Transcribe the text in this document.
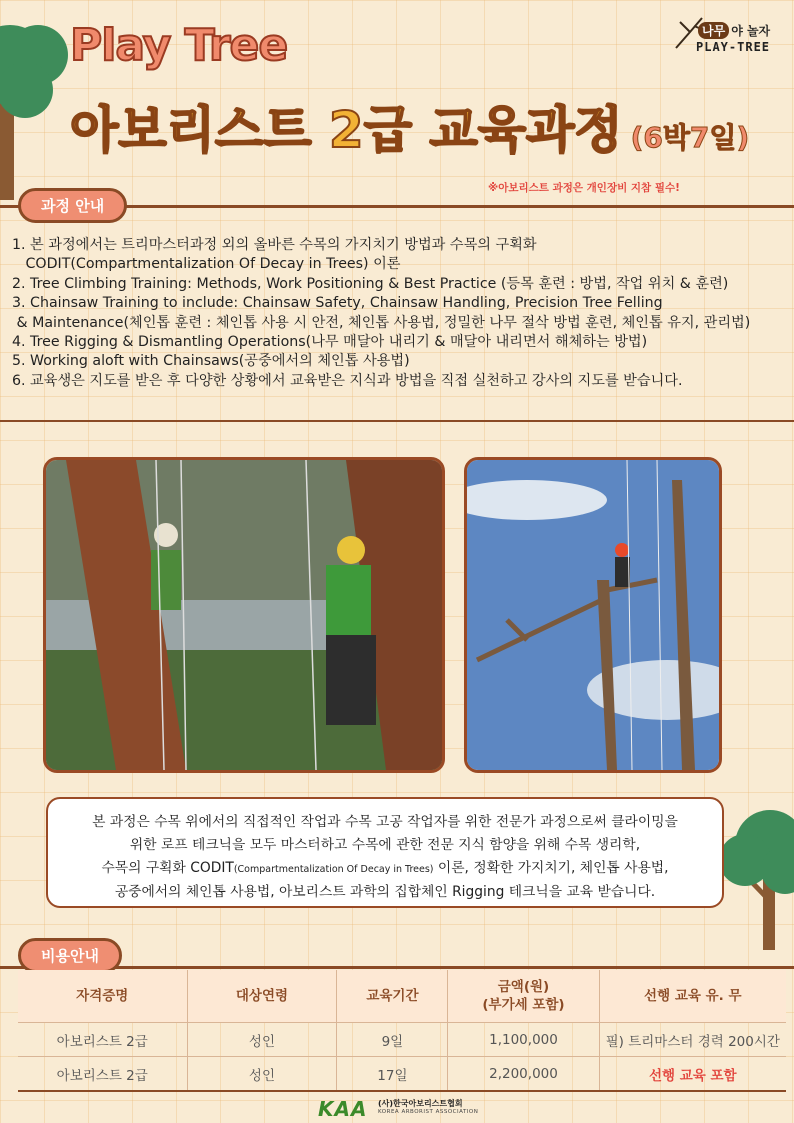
나무 야 놀자
PLAY-TREE
Play Tree
아보리스트 2급 교육과정 (6박7일)
※아보리스트 과정은 개인장비 지참 필수!
과정 안내
1. 본 과정에서는 트리마스터과정 외의 올바른 수목의 가지치기 방법과 수목의 구획화
CODIT(Compartmentalization Of Decay in Trees) 이론
2. Tree Climbing Training: Methods, Work Positioning & Best Practice (등목 훈련 : 방법, 작업 위치 & 훈련)
3. Chainsaw Training to include: Chainsaw Safety, Chainsaw Handling, Precision Tree Felling
& Maintenance(체인톱 훈련 : 체인톱 사용 시 안전, 체인톱 사용법, 정밀한 나무 절삭 방법 훈련, 체인톱 유지, 관리법)
4. Tree Rigging & Dismantling Operations(나무 매달아 내리기 & 매달아 내리면서 해체하는 방법)
5. Working aloft with Chainsaws(공중에서의 체인톱 사용법)
6. 교육생은 지도를 받은 후 다양한 상황에서 교육받은 지식과 방법을 직접 실천하고 강사의 지도를 받습니다.
본 과정은 수목 위에서의 직접적인 작업과 수목 고공 작업자를 위한 전문가 과정으로써 클라이밍을
위한 로프 테크닉을 모두 마스터하고 수목에 관한 전문 지식 함양을 위해 수목 생리학,
수목의 구획화 CODIT(Compartmentalization Of Decay in Trees) 이론, 정확한 가지치기, 체인톱 사용법,
공중에서의 체인톱 사용법, 아보리스트 과학의 집합체인 Rigging 테크닉을 교육 받습니다.
비용안내
자격증명	대상연령	교육기간	금액(원)
(부가세 포함)	선행 교육 유. 무
아보리스트 2급	성인	9일	1,100,000	필) 트리마스터 경력 200시간
아보리스트 2급	성인	17일	2,200,000	선행 교육 포함
KAA (사)한국아보리스트협회
KOREA ARBORIST ASSOCIATION
